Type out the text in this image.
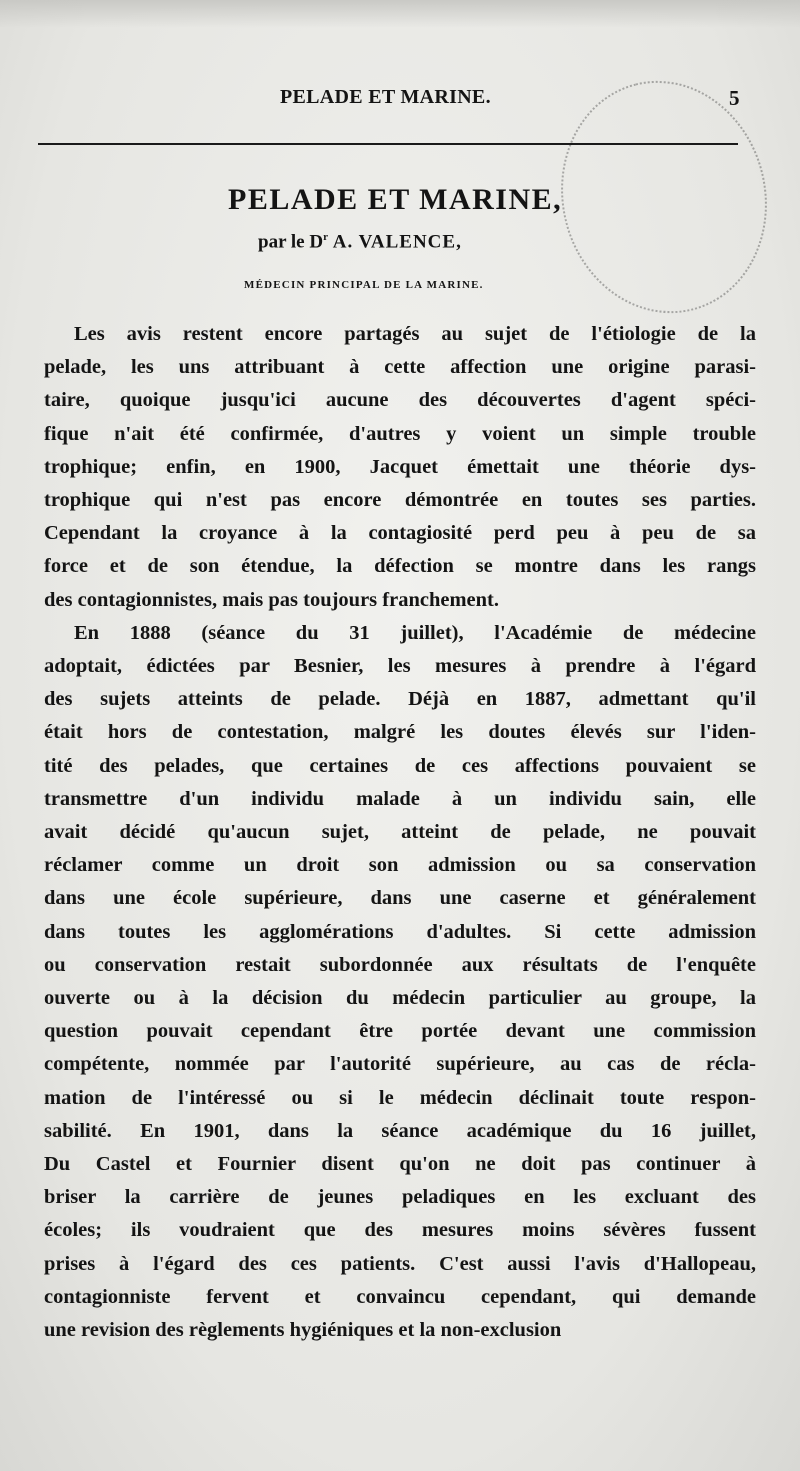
PELADE ET MARINE.	5
PELADE ET MARINE,
par le $D^r$ A. VALENCE,
MÉDECIN PRINCIPAL DE LA MARINE.
Les avis restent encore partagés au sujet de l'étiologie de la
pelade, les uns attribuant à cette affection une origine parasi-
taire, quoique jusqu'ici aucune des découvertes d'agent spéci-
fique n'ait été confirmée, d'autres y voient un simple trouble
trophique; enfin, en 1900, Jacquet émettait une théorie dys-
trophique qui n'est pas encore démontrée en toutes ses parties.
Cependant la croyance à la contagiosité perd peu à peu de sa
force et de son étendue, la défection se montre dans les rangs
des contagionnistes, mais pas toujours franchement.
En 1888 (séance du 31 juillet), l'Académie de médecine
adoptait, édictées par Besnier, les mesures à prendre à l'égard
des sujets atteints de pelade. Déjà en 1887, admettant qu'il
était hors de contestation, malgré les doutes élevés sur l'iden-
tité des pelades, que certaines de ces affections pouvaient se
transmettre d'un individu malade à un individu sain, elle
avait décidé qu'aucun sujet, atteint de pelade, ne pouvait
réclamer comme un droit son admission ou sa conservation
dans une école supérieure, dans une caserne et généralement
dans toutes les agglomérations d'adultes. Si cette admission
ou conservation restait subordonnée aux résultats de l'enquête
ouverte ou à la décision du médecin particulier au groupe, la
question pouvait cependant être portée devant une commission
compétente, nommée par l'autorité supérieure, au cas de récla-
mation de l'intéressé ou si le médecin déclinait toute respon-
sabilité. En 1901, dans la séance académique du 16 juillet,
Du Castel et Fournier disent qu'on ne doit pas continuer à
briser la carrière de jeunes peladiques en les excluant des
écoles; ils voudraient que des mesures moins sévères fussent
prises à l'égard des ces patients. C'est aussi l'avis d'Hallopeau,
contagionniste fervent et convaincu cependant, qui demande
une revision des règlements hygiéniques et la non-exclusion
